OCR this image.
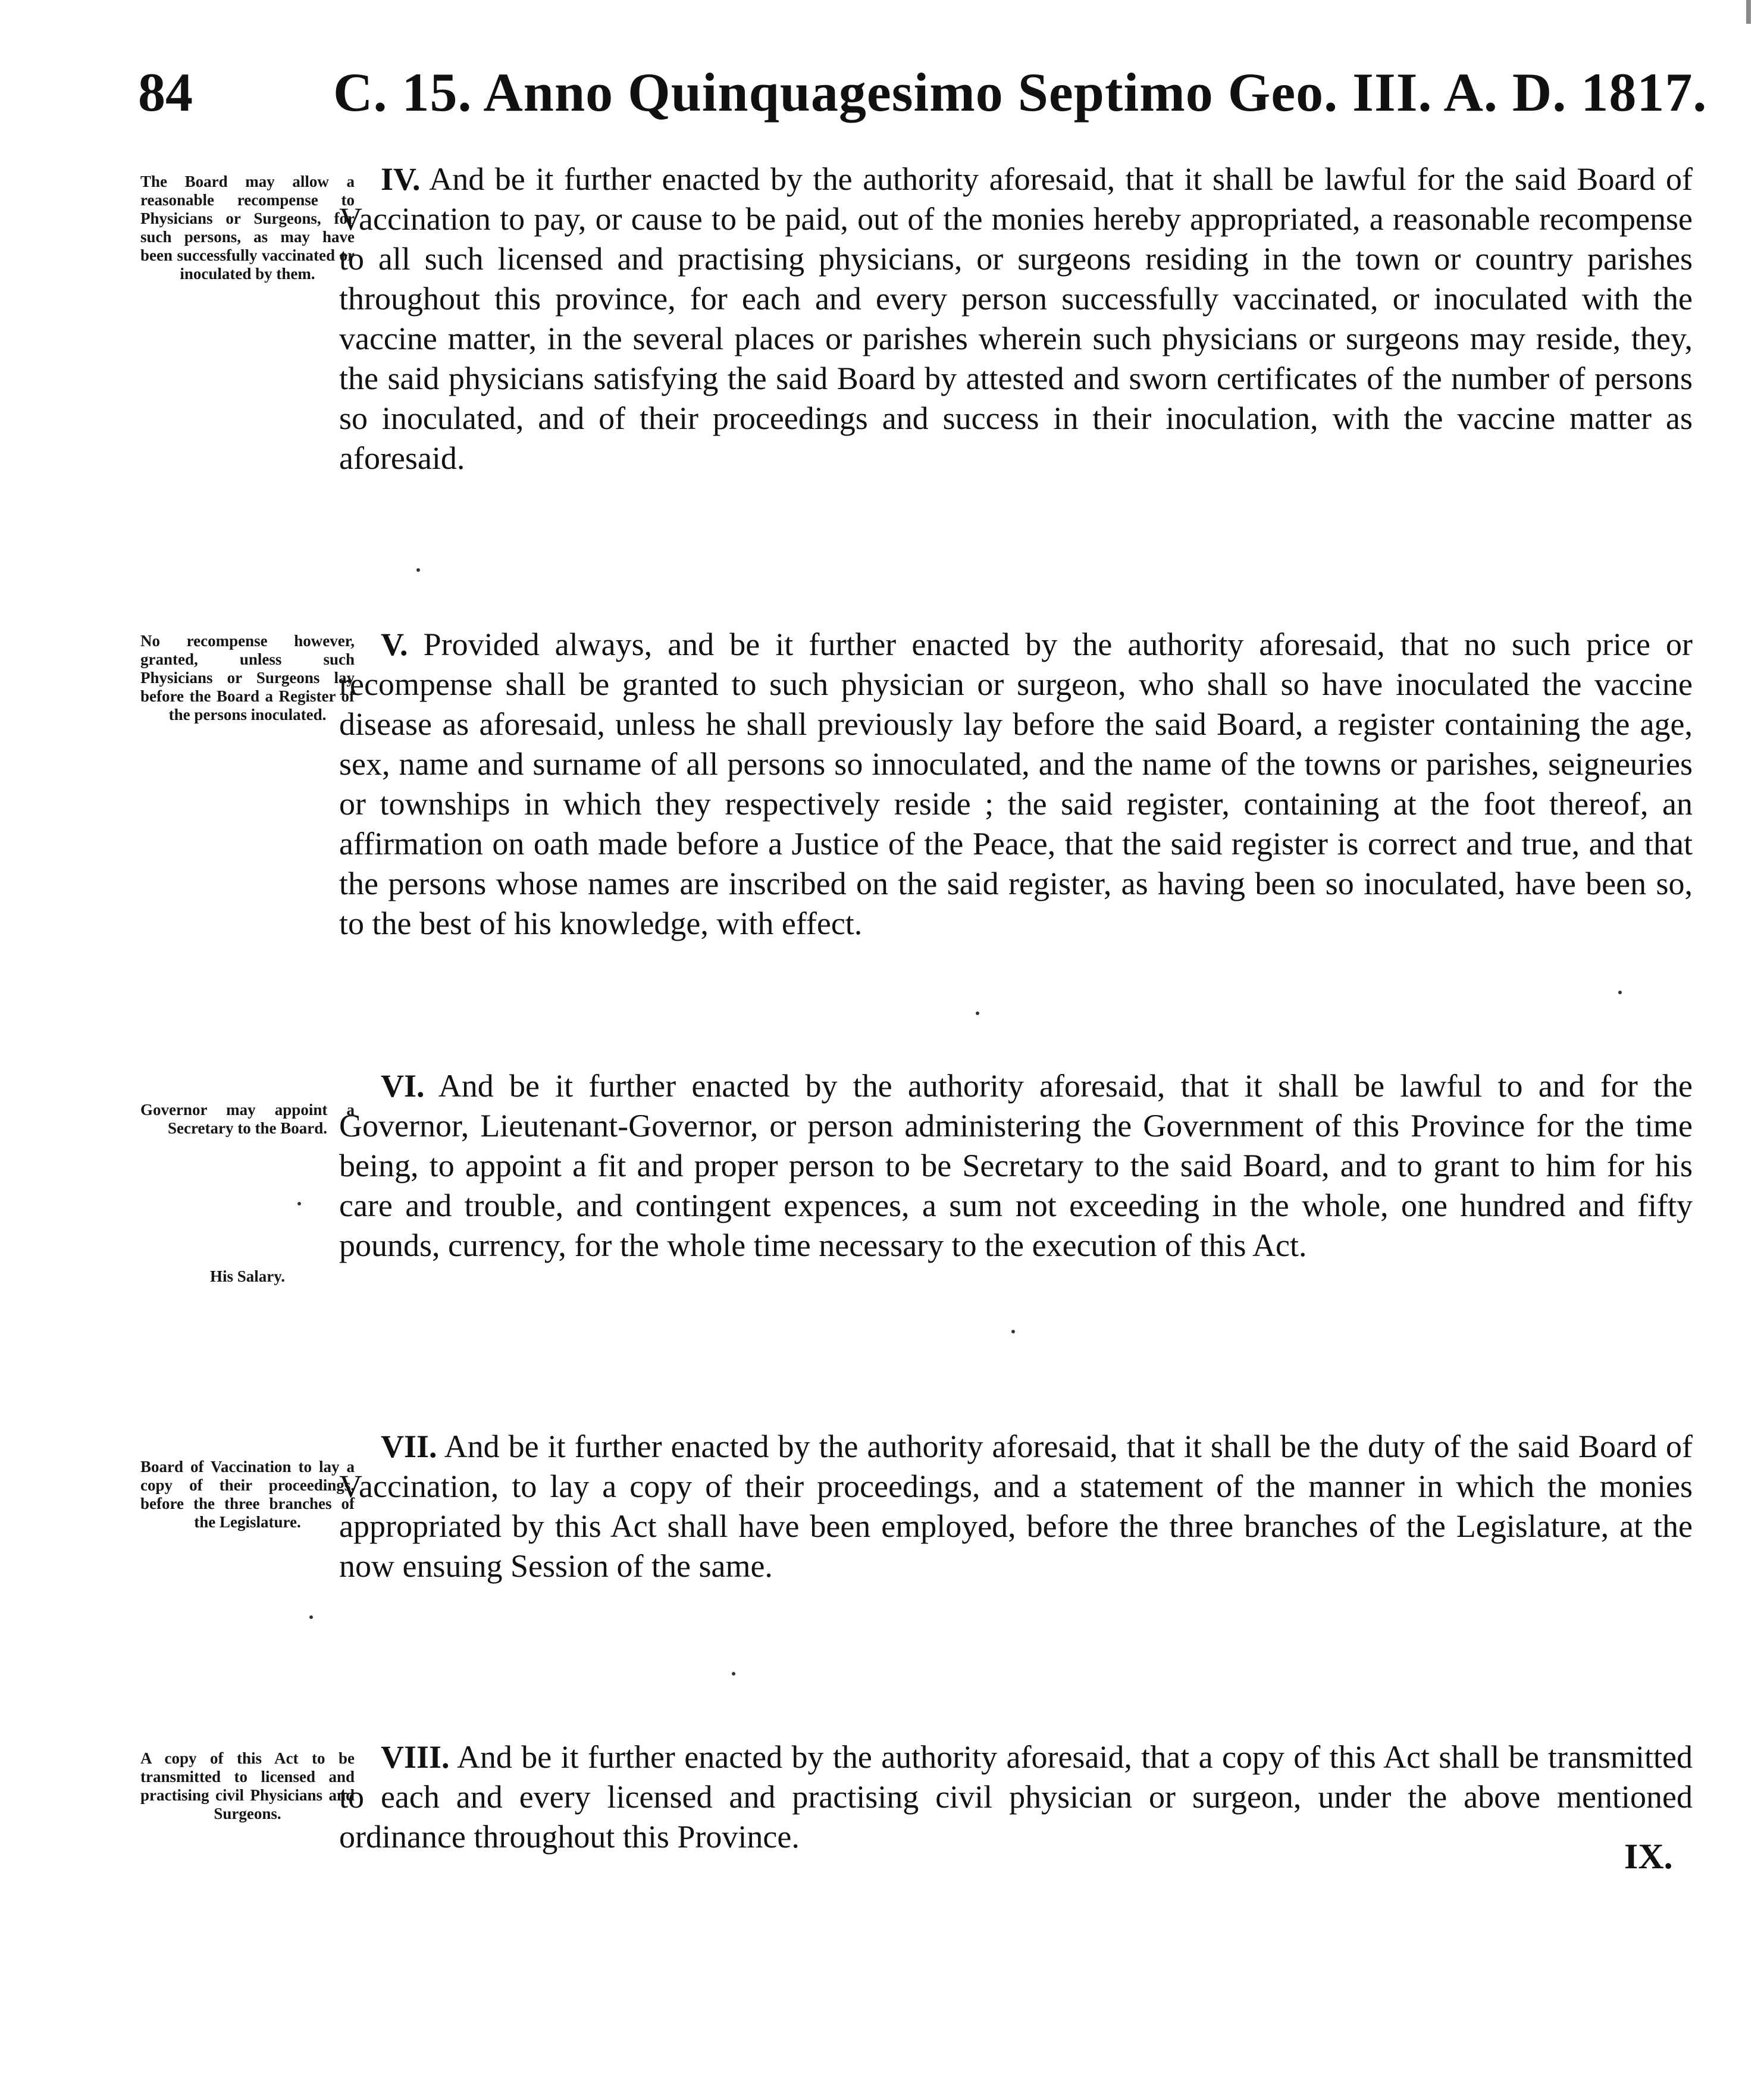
84	C. 15. Anno Quinquagesimo Septimo Geo. III. A. D. 1817.
The Board may allow a reasonable recompense to Physicians or Surgeons, for such persons, as may have been successfully vaccinated or inoculated by them.
IV. And be it further enacted by the authority aforesaid, that it shall be lawful for the said Board of Vaccination to pay, or cause to be paid, out of the monies hereby appropriated, a reasonable recompense to all such licensed and practising physicians, or surgeons residing in the town or country parishes throughout this province, for each and every person successfully vaccinated, or inoculated with the vaccine matter, in the several places or parishes wherein such physicians or surgeons may reside, they, the said physicians satisfying the said Board by attested and sworn certificates of the number of persons so inoculated, and of their proceedings and success in their inoculation, with the vaccine matter as aforesaid.
No recompense however, granted, unless such Physicians or Surgeons lay before the Board a Register of the persons inoculated.
V. Provided always, and be it further enacted by the authority aforesaid, that no such price or recompense shall be granted to such physician or surgeon, who shall so have inoculated the vaccine disease as aforesaid, unless he shall previously lay before the said Board, a register containing the age, sex, name and surname of all persons so innoculated, and the name of the towns or parishes, seigneuries or townships in which they respectively reside ; the said register, containing at the foot thereof, an affirmation on oath made before a Justice of the Peace, that the said register is correct and true, and that the persons whose names are inscribed on the said register, as having been so inoculated, have been so, to the best of his knowledge, with effect.
Governor may appoint a Secretary to the Board.
His Salary.
VI. And be it further enacted by the authority aforesaid, that it shall be lawful to and for the Governor, Lieutenant-Governor, or person administering the Government of this Province for the time being, to appoint a fit and proper person to be Secretary to the said Board, and to grant to him for his care and trouble, and contingent expences, a sum not exceeding in the whole, one hundred and fifty pounds, currency, for the whole time necessary to the execution of this Act.
Board of Vaccination to lay a copy of their proceedings, before the three branches of the Legislature.
VII. And be it further enacted by the authority aforesaid, that it shall be the duty of the said Board of Vaccination, to lay a copy of their proceedings, and a statement of the manner in which the monies appropriated by this Act shall have been employed, before the three branches of the Legislature, at the now ensuing Session of the same.
A copy of this Act to be transmitted to licensed and practising civil Physicians and Surgeons.
VIII. And be it further enacted by the authority aforesaid, that a copy of this Act shall be transmitted to each and every licensed and practising civil physician or surgeon, under the above mentioned ordinance throughout this Province.	IX.
